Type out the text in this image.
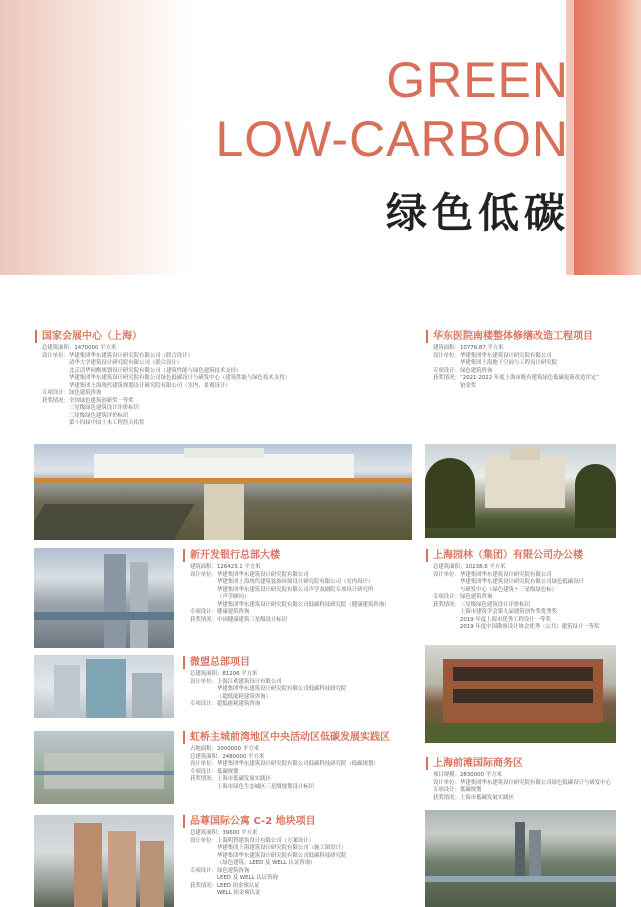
GREEN
LOW-CARBON
绿色低碳
国家会展中心（上海）
总建筑面积： 1470000 平方米
设计单位： 华建集团华东建筑设计研究院有限公司（联合设计）
清华大学建筑设计研究院有限公司（联合设计）
北京清华同衡规划设计研究院有限公司（建筑性能与绿色建筑技术支持）
华建集团华东建筑设计研究院有限公司绿色低碳设计与研发中心（建筑性能与绿色技术支持）
华建集团上海现代建筑规划设计研究院有限公司（室内、景观设计）
专项设计： 绿色建筑咨询
获奖情况： 全国绿色建筑创新奖一等奖
三星级绿色建筑设计评价标识
三星级绿色建筑评价标识
第十四届中国土木工程詹天佑奖
华东医院南楼整体修缮改造工程项目
建筑面积： 10776.87 平方米
设计单位： 华建集团华东建筑设计研究院有限公司
华建集团上海地下空间与工程设计研究院
专项设计： 绿色建筑咨询
获奖情况： “2021-2022 年度上海市既有建筑绿色低碳更新改造评定”
铂金奖
新开发银行总部大楼
建筑面积： 126423.1 平方米
设计单位： 华建集团华东建筑设计研究院有限公司
华建集团上海现代建筑装饰环境设计研究院有限公司（室内设计）
华建集团华东建筑设计研究院有限公司声学及剧院专项设计研究所
（声学顾问）
华建集团华东建筑设计研究院有限公司低碳科技研究院（健康建筑咨询）
专项设计： 健康建筑咨询
获奖情况： 中国健康建筑三星级设计标识
上海园林（集团）有限公司办公楼
总建筑面积： 10238.6 平方米
设计单位： 华建集团华东建筑设计研究院有限公司
华建集团华东建筑设计研究院有限公司绿色低碳设计
与研发中心（绿色建筑＋三星级绿色标）
专项设计： 绿色建筑咨询
获奖情况： 三星级绿色建筑设计评价标识
上海市建筑学会第九届建筑创作奖优秀奖
2019 年度上海市优秀工程设计一等奖
2019 年度中国勘察设计协会优秀（公共）建筑设计一等奖
微盟总部项目
总建筑面积： 81206 平方米
设计单位： 上海江欢建筑设计有限公司
华建集团华东建筑设计研究院有限公司低碳科技研究院
（超低能耗建筑咨询）
专项设计： 超低能耗建筑咨询
虹桥主城前湾地区中央活动区低碳发展实践区
占地面积： 2000000 平方米
总建筑面积： 2480000 平方米
设计单位： 华建集团华东建筑设计研究院有限公司低碳科技研究院（低碳规划）
专项设计： 低碳规划
获奖情况： 上海市低碳发展实践区
上海市绿色生态城区三星级规划设计标识
上海前滩国际商务区
项目规模： 2830000 平方米
设计单位： 华建集团华东建筑设计研究院有限公司绿色低碳设计与研发中心
专项设计： 低碳规划
获奖情况： 上海市低碳发展实践区
品尊国际公寓 C-2 地块项目
总建筑面积： 39600 平方米
设计单位： 上海明智建筑设计有限公司（方案设计）
华建集团上海建筑设计研究院有限公司（施工图设计）
华建集团华东建筑设计研究院有限公司低碳科技研究院
（绿色建筑、LEED 及 WELL 认证咨询）
专项设计： 绿色建筑咨询
LEED 及 WELL 认证咨询
获奖情况： LEED 铂金预认证
WELL 铂金预认证
